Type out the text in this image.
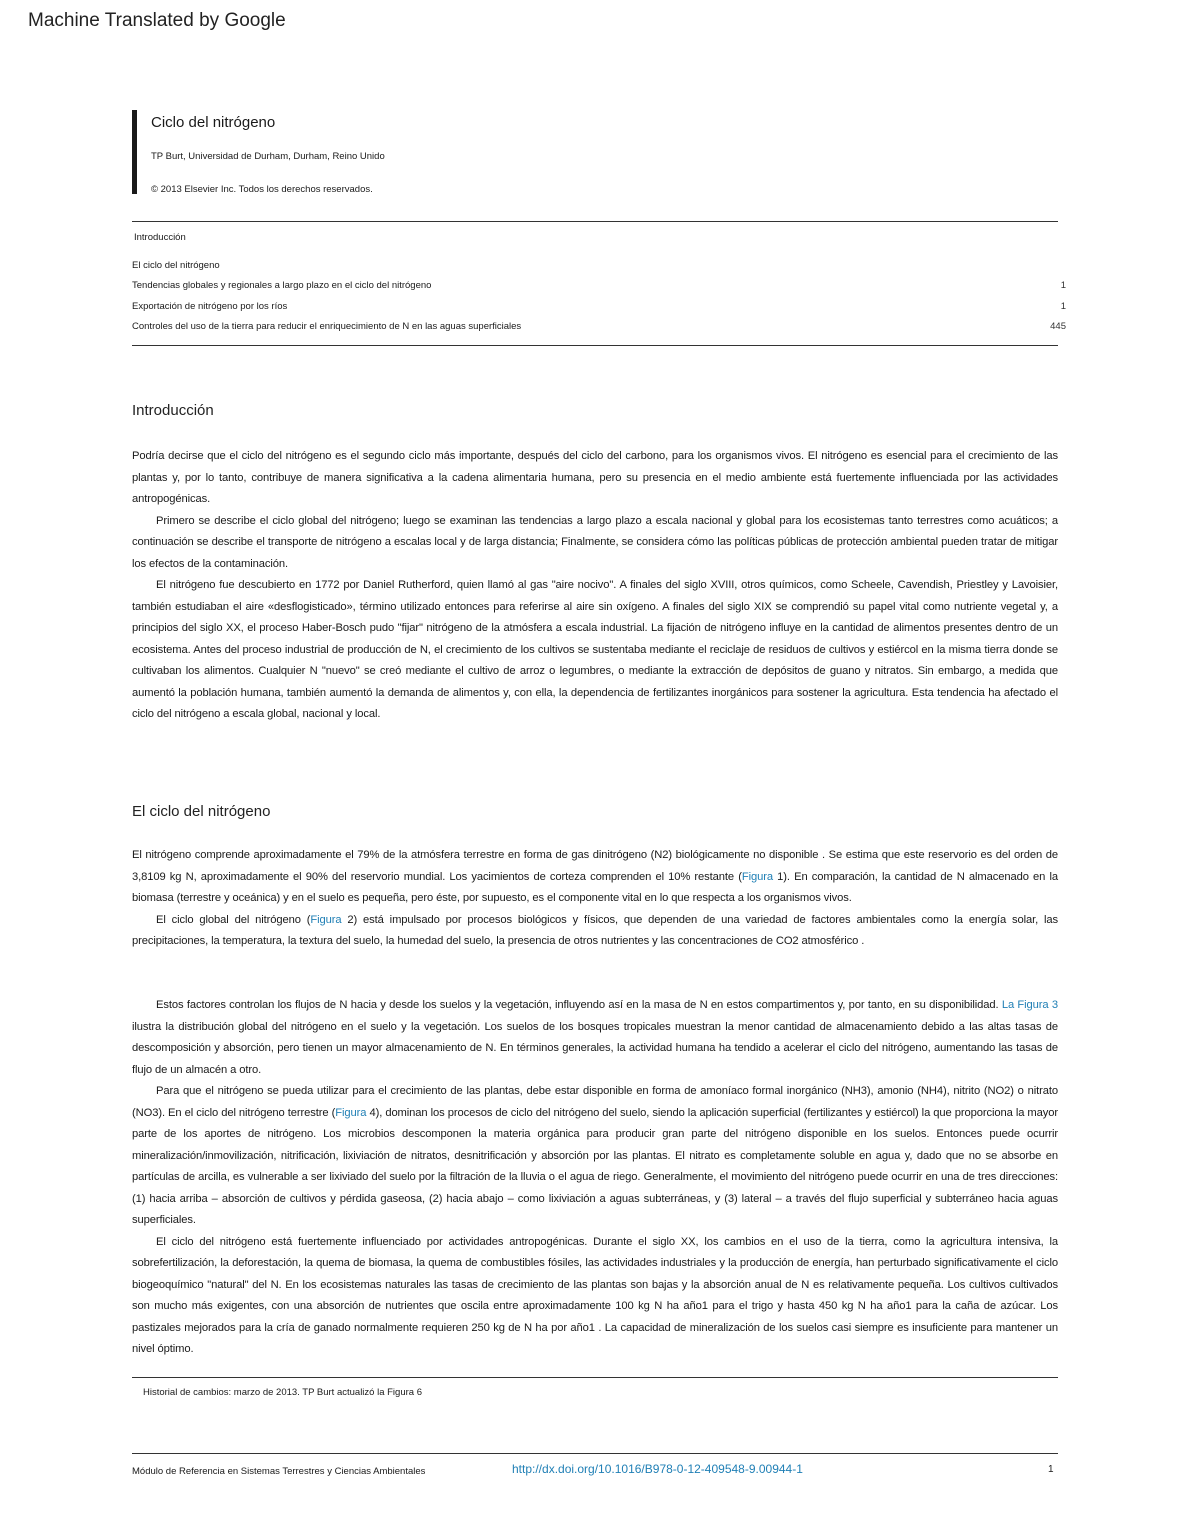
Machine Translated by Google
Ciclo del nitrógeno
TP Burt, Universidad de Durham, Durham, Reino Unido
© 2013 Elsevier Inc. Todos los derechos reservados.
Introducción
El ciclo del nitrógeno
Tendencias globales y regionales a largo plazo en el ciclo del nitrógeno	1
Exportación de nitrógeno por los ríos	1
Controles del uso de la tierra para reducir el enriquecimiento de N en las aguas superficiales	445
Introducción
Podría decirse que el ciclo del nitrógeno es el segundo ciclo más importante, después del ciclo del carbono, para los organismos vivos. El nitrógeno es esencial para el crecimiento de las plantas y, por lo tanto, contribuye de manera significativa a la cadena alimentaria humana, pero su presencia en el medio ambiente está fuertemente influenciada por las actividades antropogénicas.
Primero se describe el ciclo global del nitrógeno; luego se examinan las tendencias a largo plazo a escala nacional y global para los ecosistemas tanto terrestres como acuáticos; a continuación se describe el transporte de nitrógeno a escalas local y de larga distancia; Finalmente, se considera cómo las políticas públicas de protección ambiental pueden tratar de mitigar los efectos de la contaminación.
El nitrógeno fue descubierto en 1772 por Daniel Rutherford, quien llamó al gas "aire nocivo". A finales del siglo XVIII, otros químicos, como Scheele, Cavendish, Priestley y Lavoisier, también estudiaban el aire «desflogisticado», término utilizado entonces para referirse al aire sin oxígeno. A finales del siglo XIX se comprendió su papel vital como nutriente vegetal y, a principios del siglo XX, el proceso Haber-Bosch pudo "fijar" nitrógeno de la atmósfera a escala industrial. La fijación de nitrógeno influye en la cantidad de alimentos presentes dentro de un ecosistema. Antes del proceso industrial de producción de N, el crecimiento de los cultivos se sustentaba mediante el reciclaje de residuos de cultivos y estiércol en la misma tierra donde se cultivaban los alimentos. Cualquier N "nuevo" se creó mediante el cultivo de arroz o legumbres, o mediante la extracción de depósitos de guano y nitratos. Sin embargo, a medida que aumentó la población humana, también aumentó la demanda de alimentos y, con ella, la dependencia de fertilizantes inorgánicos para sostener la agricultura. Esta tendencia ha afectado el ciclo del nitrógeno a escala global, nacional y local.
El ciclo del nitrógeno
El nitrógeno comprende aproximadamente el 79% de la atmósfera terrestre en forma de gas dinitrógeno (N2) biológicamente no disponible . Se estima que este reservorio es del orden de 3,8109 kg N, aproximadamente el 90% del reservorio mundial. Los yacimientos de corteza comprenden el 10% restante (Figura 1). En comparación, la cantidad de N almacenado en la biomasa (terrestre y oceánica) y en el suelo es pequeña, pero éste, por supuesto, es el componente vital en lo que respecta a los organismos vivos.
El ciclo global del nitrógeno (Figura 2) está impulsado por procesos biológicos y físicos, que dependen de una variedad de factores ambientales como la energía solar, las precipitaciones, la temperatura, la textura del suelo, la humedad del suelo, la presencia de otros nutrientes y las concentraciones de CO2 atmosférico .
Estos factores controlan los flujos de N hacia y desde los suelos y la vegetación, influyendo así en la masa de N en estos compartimentos y, por tanto, en su disponibilidad. La Figura 3 ilustra la distribución global del nitrógeno en el suelo y la vegetación. Los suelos de los bosques tropicales muestran la menor cantidad de almacenamiento debido a las altas tasas de descomposición y absorción, pero tienen un mayor almacenamiento de N. En términos generales, la actividad humana ha tendido a acelerar el ciclo del nitrógeno, aumentando las tasas de flujo de un almacén a otro.
Para que el nitrógeno se pueda utilizar para el crecimiento de las plantas, debe estar disponible en forma de amoníaco formal inorgánico (NH3), amonio (NH4), nitrito (NO2) o nitrato (NO3). En el ciclo del nitrógeno terrestre (Figura 4), dominan los procesos de ciclo del nitrógeno del suelo, siendo la aplicación superficial (fertilizantes y estiércol) la que proporciona la mayor parte de los aportes de nitrógeno. Los microbios descomponen la materia orgánica para producir gran parte del nitrógeno disponible en los suelos. Entonces puede ocurrir mineralización/inmovilización, nitrificación, lixiviación de nitratos, desnitrificación y absorción por las plantas. El nitrato es completamente soluble en agua y, dado que no se absorbe en partículas de arcilla, es vulnerable a ser lixiviado del suelo por la filtración de la lluvia o el agua de riego. Generalmente, el movimiento del nitrógeno puede ocurrir en una de tres direcciones: (1) hacia arriba – absorción de cultivos y pérdida gaseosa, (2) hacia abajo – como lixiviación a aguas subterráneas, y (3) lateral – a través del flujo superficial y subterráneo hacia aguas superficiales.
El ciclo del nitrógeno está fuertemente influenciado por actividades antropogénicas. Durante el siglo XX, los cambios en el uso de la tierra, como la agricultura intensiva, la sobrefertilización, la deforestación, la quema de biomasa, la quema de combustibles fósiles, las actividades industriales y la producción de energía, han perturbado significativamente el ciclo biogeoquímico "natural" del N. En los ecosistemas naturales las tasas de crecimiento de las plantas son bajas y la absorción anual de N es relativamente pequeña. Los cultivos cultivados son mucho más exigentes, con una absorción de nutrientes que oscila entre aproximadamente 100 kg N ha año1 para el trigo y hasta 450 kg N ha año1 para la caña de azúcar. Los pastizales mejorados para la cría de ganado normalmente requieren 250 kg de N ha por año1 . La capacidad de mineralización de los suelos casi siempre es insuficiente para mantener un nivel óptimo.
Historial de cambios: marzo de 2013. TP Burt actualizó la Figura 6
Módulo de Referencia en Sistemas Terrestres y Ciencias Ambientales	http://dx.doi.org/10.1016/B978-0-12-409548-9.00944-1	1
